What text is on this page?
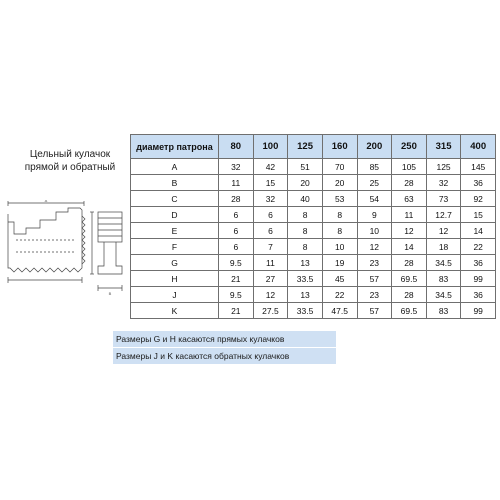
Цельный кулачок
прямой и обратный
A
B
диаметр патрона	80	100	125	160	200	250	315	400
A	32	42	51	70	85	105	125	145
B	11	15	20	20	25	28	32	36
C	28	32	40	53	54	63	73	92
D	6	6	8	8	9	11	12.7	15
E	6	6	8	8	10	12	12	14
F	6	7	8	10	12	14	18	22
G	9.5	11	13	19	23	28	34.5	36
H	21	27	33.5	45	57	69.5	83	99
J	9.5	12	13	22	23	28	34.5	36
K	21	27.5	33.5	47.5	57	69.5	83	99
Размеры G и H касаются прямых кулачков
Размеры J и K касаются обратных кулачков
